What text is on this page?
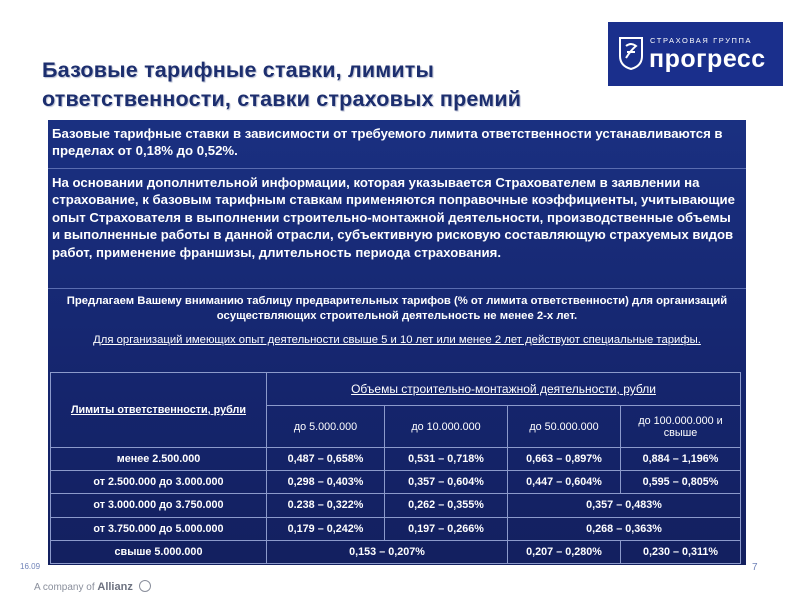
Базовые тарифные ставки, лимиты
ответственности, ставки страховых премий
СТРАХОВАЯ ГРУППА
прогресс
Базовые тарифные ставки в зависимости от требуемого лимита ответственности устанавливаются в пределах от 0,18% до 0,52%.
На основании дополнительной информации, которая указывается Страхователем в заявлении на страхование, к базовым тарифным ставкам применяются поправочные коэффициенты, учитывающие опыт Страхователя в выполнении строительно-монтажной деятельности, производственные объемы и выполненные работы в данной отрасли, субъективную рисковую составляющую страхуемых видов работ, применение франшизы, длительность периода страхования.
Предлагаем Вашему вниманию таблицу предварительных тарифов (% от лимита ответственности) для организаций осуществляющих строительной деятельность не менее 2-х лет.
Для организаций имеющих опыт деятельности свыше 5 и 10 лет или менее 2 лет действуют специальные тарифы.
Лимиты ответственности, рубли	Объемы строительно-монтажной деятельности, рубли			
	до 5.000.000	до 10.000.000	до 50.000.000	до 100.000.000 и свыше
менее 2.500.000	0,487 – 0,658%	0,531 – 0,718%	0,663 – 0,897%	0,884 – 1,196%
от 2.500.000 до 3.000.000	0,298 – 0,403%	0,357 – 0,604%	0,447 – 0,604%	0,595 – 0,805%
от 3.000.000 до 3.750.000	0.238 – 0,322%	0,262 – 0,355%	0,357 – 0,483%	
от 3.750.000 до 5.000.000	0,179 – 0,242%	0,197 – 0,266%	0,268 – 0,363%	
свыше 5.000.000	0,153 – 0,207%		0,207 – 0,280%	0,230 – 0,311%
16.09	7
A company of Allianz
